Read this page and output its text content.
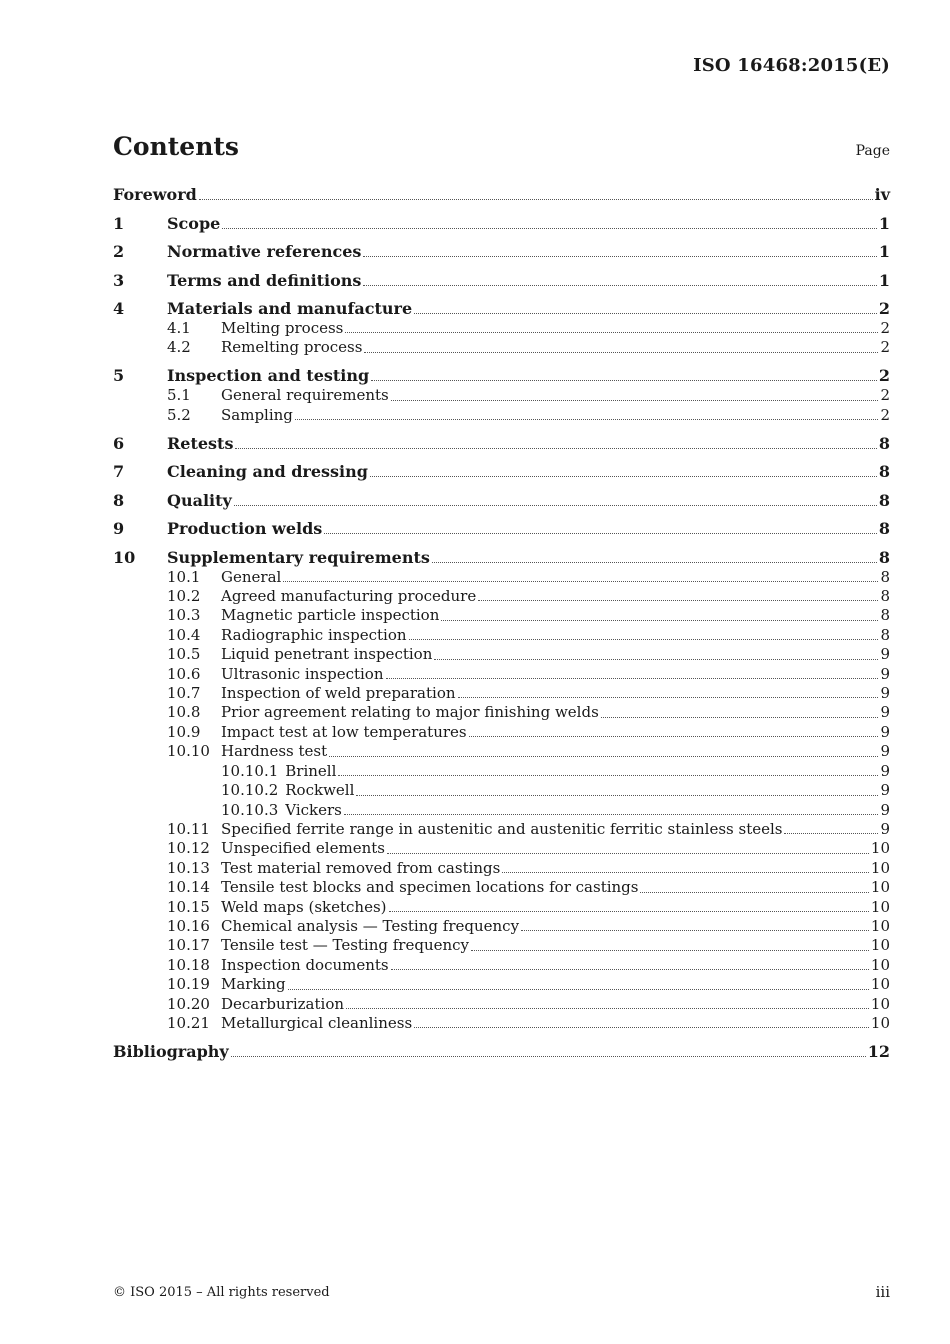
ISO 16468:2015(E)
Contents	Page
Foreword	iv
1	Scope	1
2	Normative references	1
3	Terms and definitions	1
4	Materials and manufacture	2
4.1	Melting process	2
4.2	Remelting process	2
5	Inspection and testing	2
5.1	General requirements	2
5.2	Sampling	2
6	Retests	8
7	Cleaning and dressing	8
8	Quality	8
9	Production welds	8
10	Supplementary requirements	8
10.1	General	8
10.2	Agreed manufacturing procedure	8
10.3	Magnetic particle inspection	8
10.4	Radiographic inspection	8
10.5	Liquid penetrant inspection	9
10.6	Ultrasonic inspection	9
10.7	Inspection of weld preparation	9
10.8	Prior agreement relating to major finishing welds	9
10.9	Impact test at low temperatures	9
10.10 Hardness test	9
10.10.1 Brinell	9
10.10.2 Rockwell	9
10.10.3 Vickers	9
10.11 Specified ferrite range in austenitic and austenitic ferritic stainless steels	9
10.12 Unspecified elements	10
10.13 Test material removed from castings	10
10.14 Tensile test blocks and specimen locations for castings	10
10.15 Weld maps (sketches)	10
10.16 Chemical analysis — Testing frequency	10
10.17 Tensile test — Testing frequency	10
10.18 Inspection documents	10
10.19 Marking	10
10.20 Decarburization	10
10.21 Metallurgical cleanliness	10
Bibliography	12
© ISO 2015 – All rights reserved	iii
